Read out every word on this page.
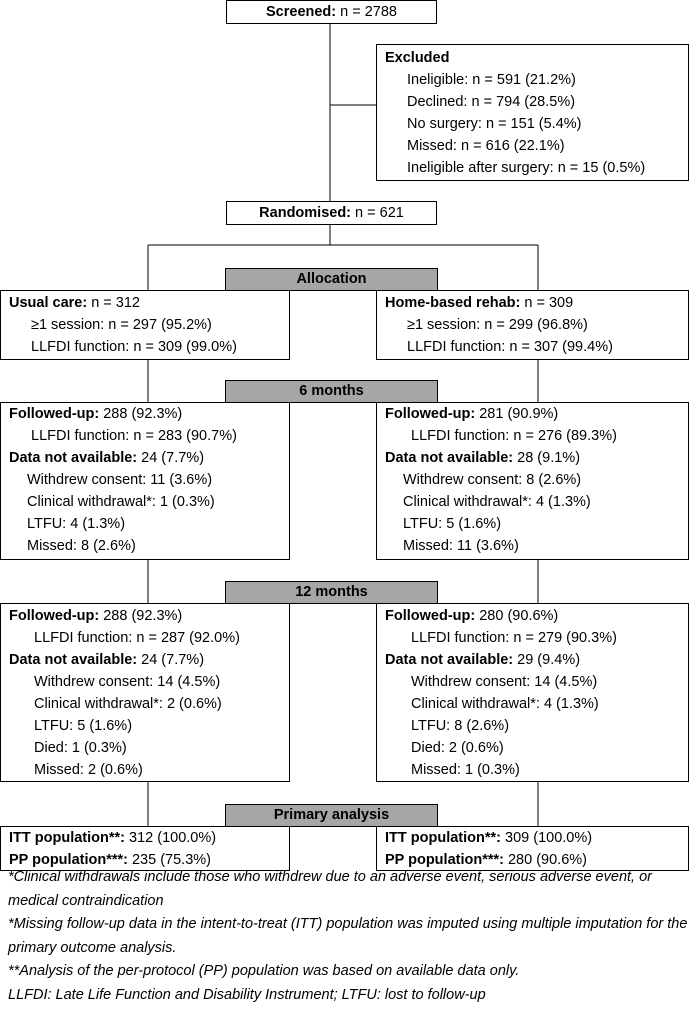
Screened: n = 2788
Excluded
Ineligible: n = 591 (21.2%)
Declined: n = 794 (28.5%)
No surgery: n = 151 (5.4%)
Missed: n = 616 (22.1%)
Ineligible after surgery: n = 15 (0.5%)
Randomised: n = 621
Allocation
Usual care: n = 312
≥1 session: n = 297 (95.2%)
LLFDI function: n = 309 (99.0%)
Home-based rehab: n = 309
≥1 session: n = 299 (96.8%)
LLFDI function: n = 307 (99.4%)
6 months
Followed-up: 288 (92.3%)
LLFDI function: n = 283 (90.7%)
Data not available: 24 (7.7%)
Withdrew consent: 11 (3.6%)
Clinical withdrawal*: 1 (0.3%)
LTFU: 4 (1.3%)
Missed: 8 (2.6%)
Followed-up: 281 (90.9%)
LLFDI function: n = 276 (89.3%)
Data not available: 28 (9.1%)
Withdrew consent: 8 (2.6%)
Clinical withdrawal*: 4 (1.3%)
LTFU: 5 (1.6%)
Missed: 11 (3.6%)
12 months
Followed-up: 288 (92.3%)
LLFDI function: n = 287 (92.0%)
Data not available: 24 (7.7%)
Withdrew consent: 14 (4.5%)
Clinical withdrawal*: 2 (0.6%)
LTFU: 5 (1.6%)
Died: 1 (0.3%)
Missed: 2 (0.6%)
Followed-up: 280 (90.6%)
LLFDI function: n = 279 (90.3%)
Data not available: 29 (9.4%)
Withdrew consent: 14 (4.5%)
Clinical withdrawal*: 4 (1.3%)
LTFU: 8 (2.6%)
Died: 2 (0.6%)
Missed: 1 (0.3%)
Primary analysis
ITT population**: 312 (100.0%)
PP population***: 235 (75.3%)
ITT population**: 309 (100.0%)
PP population***: 280 (90.6%)
*Clinical withdrawals include those who withdrew due to an adverse event, serious adverse event, or medical contraindication
*Missing follow-up data in the intent-to-treat (ITT) population was imputed using multiple imputation for the primary outcome analysis.
**Analysis of the per-protocol (PP) population was based on available data only.
LLFDI: Late Life Function and Disability Instrument; LTFU: lost to follow-up
